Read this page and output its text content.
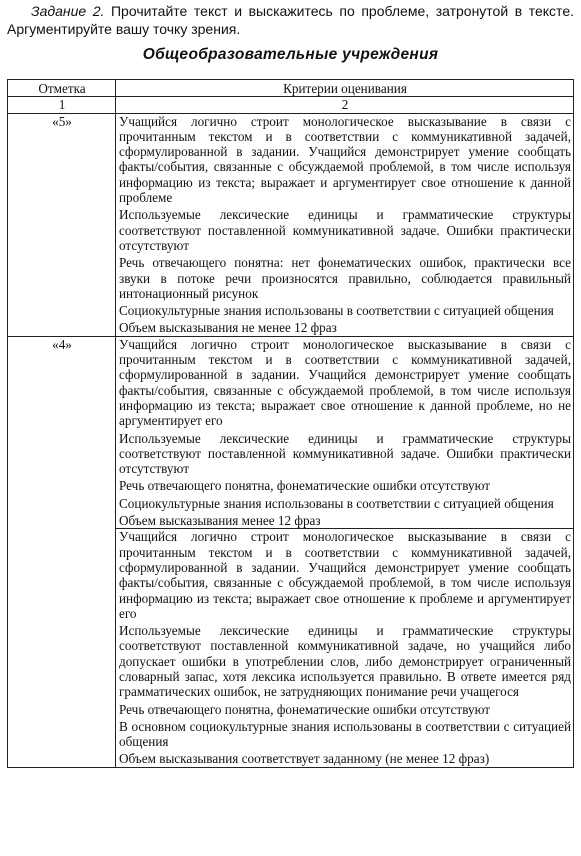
Задание 2. Прочитайте текст и выскажитесь по проблеме, затронутой в тексте. Аргументируйте вашу точку зрения.

Общеобразовательные учреждения
Отметка	Критерии оценивания
1	2
«5»	Учащийся логично строит монологическое высказывание в связи с прочитанным текстом и в соответствии с коммуникативной задачей, сформулированной в задании. Учащийся демонстрирует умение сообщать факты/события, связанные с обсуждаемой проблемой, в том числе используя информацию из текста; выражает и аргументирует свое отношение к данной проблеме

Используемые лексические единицы и грамматические структуры соответствуют поставленной коммуникативной задаче. Ошибки практически отсутствуют

Речь отвечающего понятна: нет фонематических ошибок, практически все звуки в потоке речи произносятся правильно, соблюдается правильный интонационный рисунок

Социокультурные знания использованы в соответствии с ситуацией общения

Объем высказывания не менее 12 фраз

«4»	Учащийся логично строит монологическое высказывание в связи с прочитанным текстом и в соответствии с коммуникативной задачей, сформулированной в задании. Учащийся демонстрирует умение сообщать факты/события, связанные с обсуждаемой проблемой, в том числе используя информацию из текста; выражает свое отношение к данной проблеме, но не аргументирует его

Используемые лексические единицы и грамматические структуры соответствуют поставленной коммуникативной задаче. Ошибки практически отсутствуют

Речь отвечающего понятна, фонематические ошибки отсутствуют

Социокультурные знания использованы в соответствии с ситуацией общения

Объем высказывания менее 12 фраз

	Учащийся логично строит монологическое высказывание в связи с прочитанным текстом и в соответствии с коммуникативной задачей, сформулированной в задании. Учащийся демонстрирует умение сообщать факты/события, связанные с обсуждаемой проблемой, в том числе используя информацию из текста; выражает свое отношение к проблеме и аргументирует его

Используемые лексические единицы и грамматические структуры соответствуют поставленной коммуникативной задаче, но учащийся либо допускает ошибки в употреблении слов, либо демонстрирует ограниченный словарный запас, хотя лексика используется правильно. В ответе имеется ряд грамматических ошибок, не затрудняющих понимание речи учащегося

Речь отвечающего понятна, фонематические ошибки отсутствуют

В основном социокультурные знания использованы в соответствии с ситуацией общения

Объем высказывания соответствует заданному (не менее 12 фраз)
